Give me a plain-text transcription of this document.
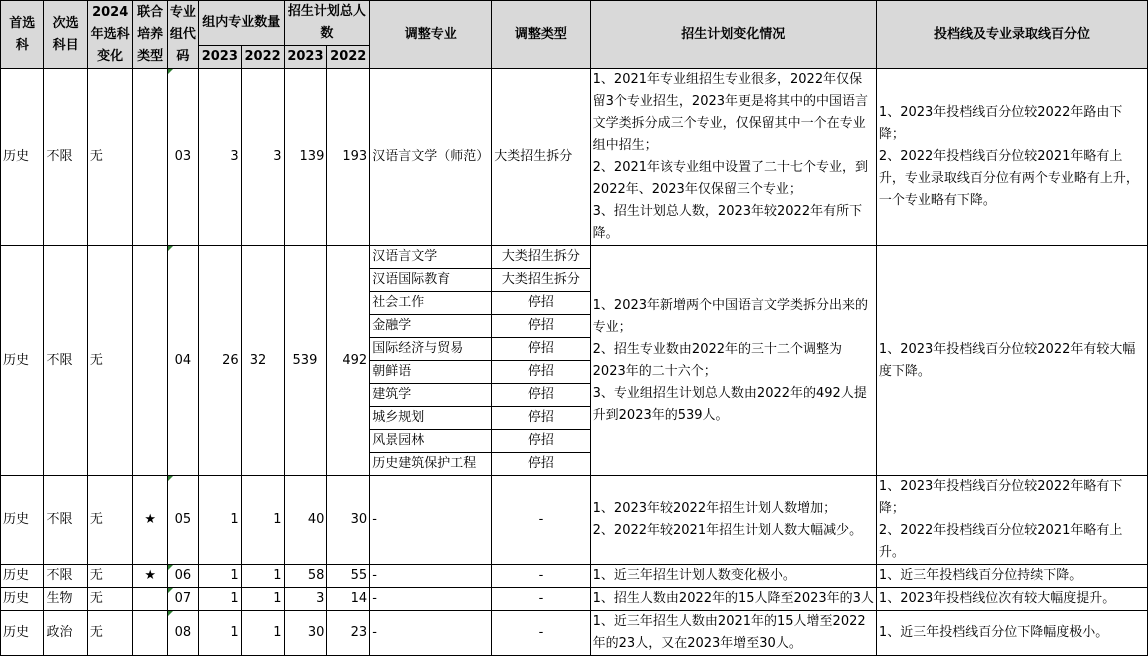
首选科	次选科目	2024年选科变化	联合培养类型	专业组代码	组内专业数量		招生计划总人数		调整专业	调整类型	招生计划变化情况	投档线及专业录取线百分位
					2023	2022	2023	2022				
历史	不限	无		03	3	3	139	193	汉语言文学（师范）	大类招生拆分	1、2021年专业组招生专业很多，2022年仅保留3个专业招生，2023年更是将其中的中国语言文学类拆分成三个专业，仅保留其中一个在专业组中招生；
2、2021年该专业组中设置了二十七个专业，到2022年、2023年仅保留三个专业；
3、招生计划总人数，2023年较2022年有所下降。	1、2023年投档线百分位较2022年路由下降；
2、2022年投档线百分位较2021年略有上升，专业录取线百分位有两个专业略有上升，一个专业略有下降。

历史	不限	无		04	26	32	539	492	汉语言文学	大类招生拆分	1、2023年新增两个中国语言文学类拆分出来的专业；
2、招生专业数由2022年的三十二个调整为2023年的二十六个；
3、专业组招生计划总人数由2022年的492人提升到2023年的539人。	1、2023年投档线百分位较2022年有较大幅度下降。

									汉语国际教育	大类招生拆分		
									社会工作	停招		
									金融学	停招		
									国际经济与贸易	停招		
									朝鲜语	停招		
									建筑学	停招		
									城乡规划	停招		
									风景园林	停招		
									历史建筑保护工程	停招		
历史	不限	无	★	05	1	1	40	30	-	-	1、2023年较2022年招生计划人数增加；
2、2022年较2021年招生计划人数大幅减少。	1、2023年投档线百分位较2022年略有下降；
2、2022年投档线百分位较2021年略有上升。

历史	不限	无	★	06	1	1	58	55	-	-	1、近三年招生计划人数变化极小。	1、近三年投档线百分位持续下降。
历史	生物	无		07	1	1	3	14	-	-	1、招生人数由2022年的15人降至2023年的3人	1、2023年投档线位次有较大幅度提升。
历史	政治	无		08	1	1	30	23	-	-	1、近三年招生人数由2021年的15人增至2022年的23人，又在2023年增至30人。	1、近三年投档线百分位下降幅度极小。
